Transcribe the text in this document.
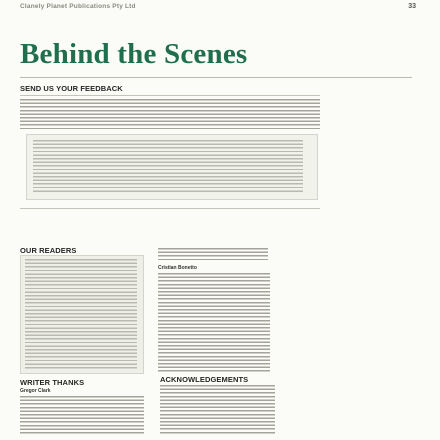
Clanely Planet Publications Pty Ltd	33
Behind the Scenes
SEND US YOUR FEEDBACK
OUR READERS
Cristian Bonetto
WRITER THANKS
Gregor Clark
ACKNOWLEDGEMENTS
